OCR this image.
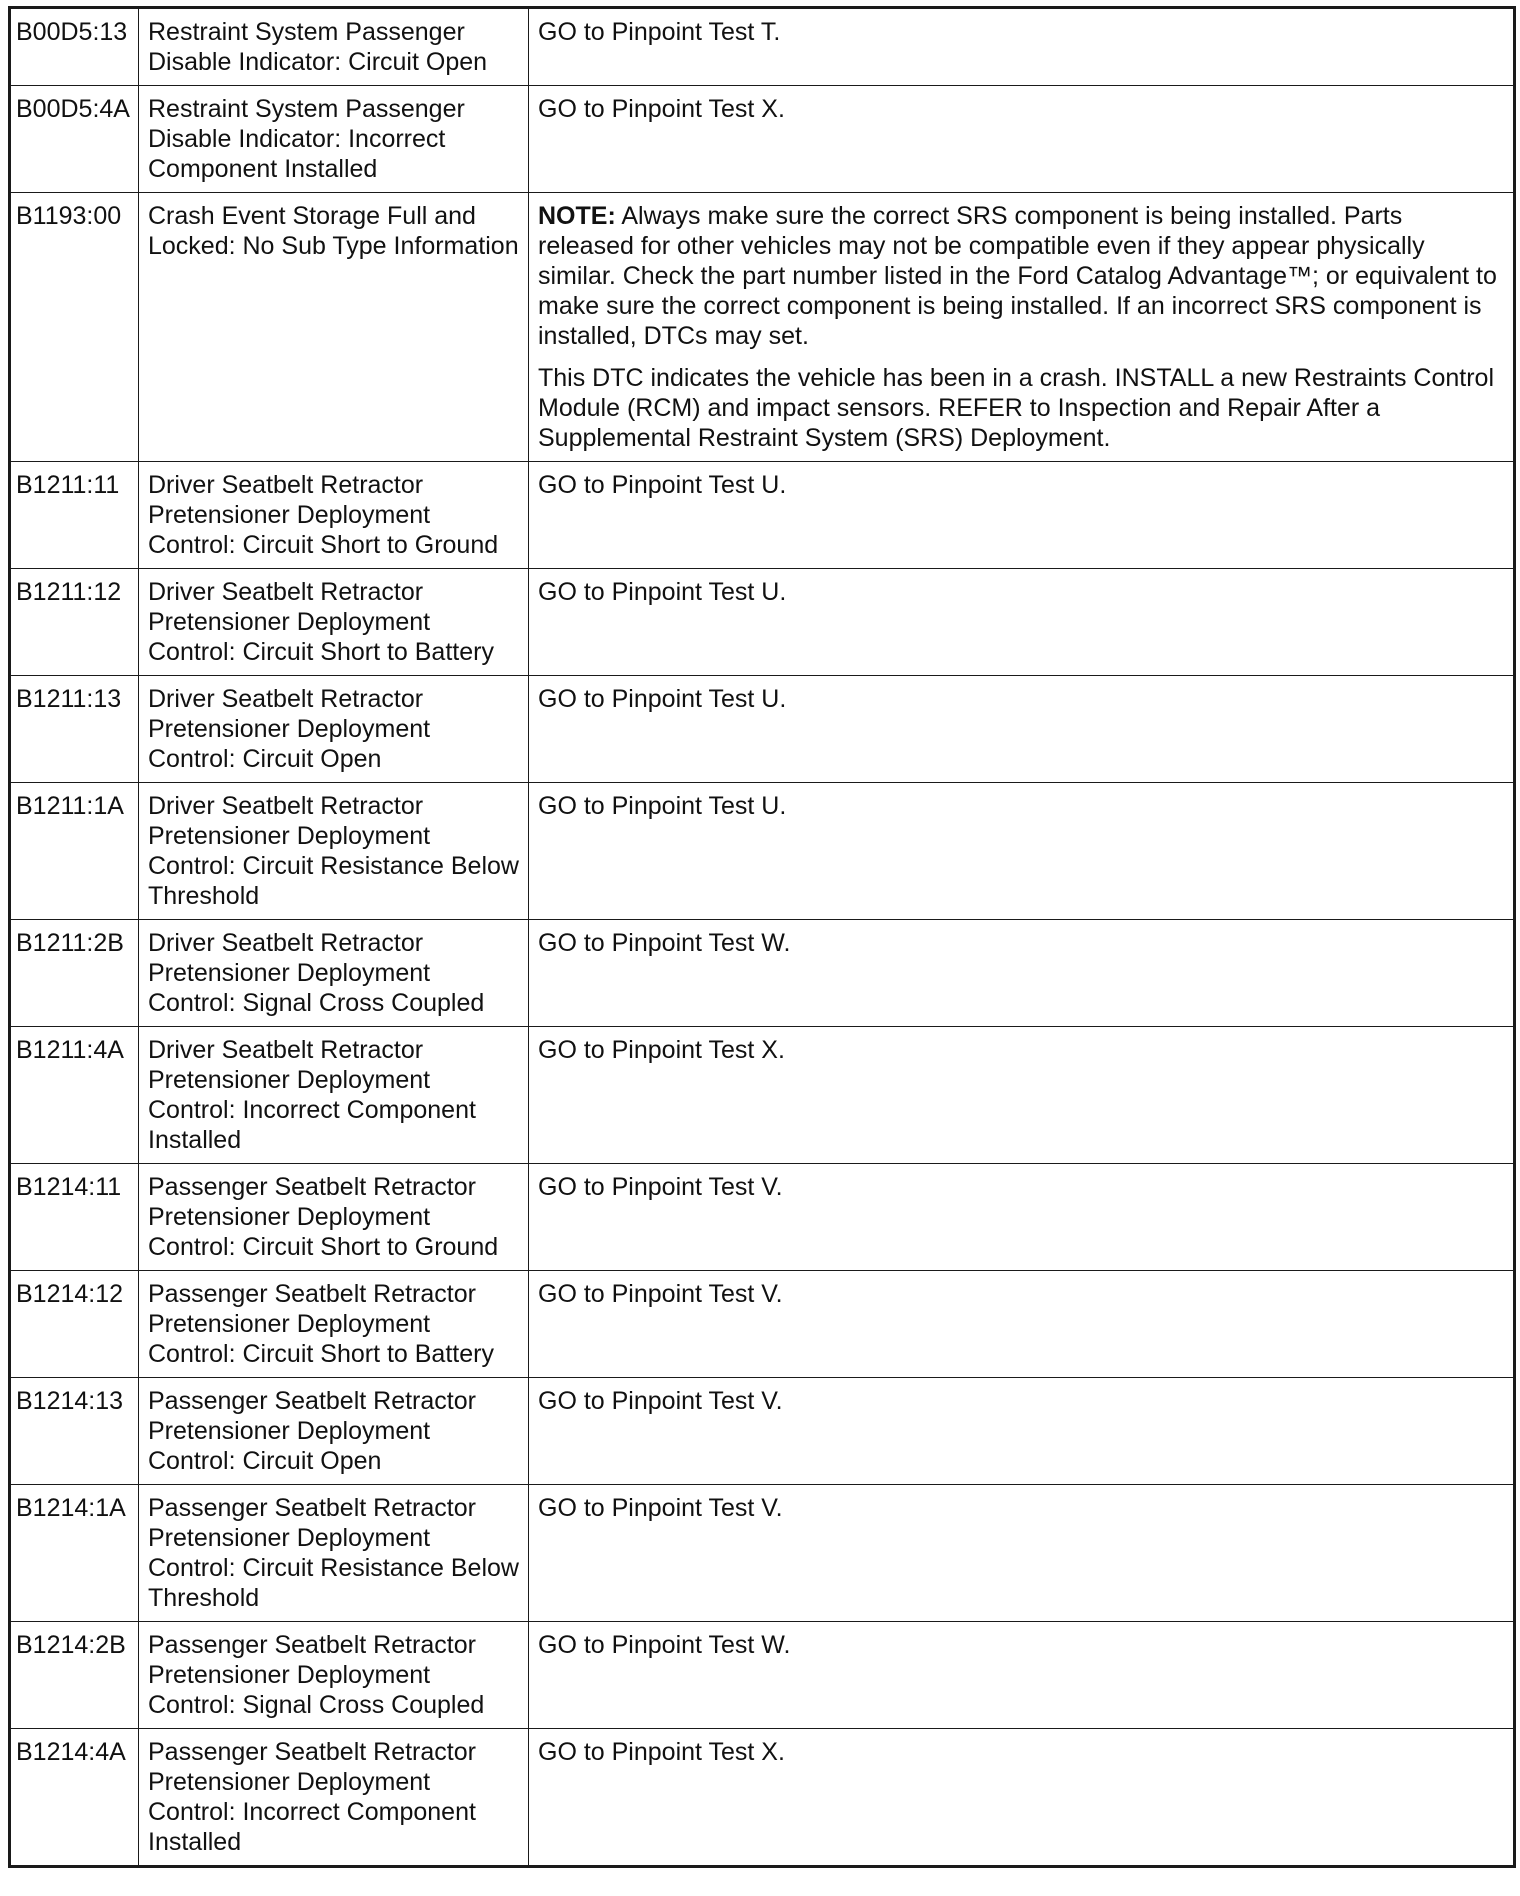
B00D5:13	Restraint System Passenger Disable Indicator: Circuit Open	GO to Pinpoint Test T.
B00D5:4A	Restraint System Passenger Disable Indicator: Incorrect Component Installed	GO to Pinpoint Test X.
B1193:00	Crash Event Storage Full and Locked: No Sub Type Information	NOTE: Always make sure the correct SRS component is being installed. Parts released for other vehicles may not be compatible even if they appear physically similar. Check the part number listed in the Ford Catalog Advantage™; or equivalent to make sure the correct component is being installed. If an incorrect SRS component is installed, DTCs may set.

This DTC indicates the vehicle has been in a crash. INSTALL a new Restraints Control Module (RCM) and impact sensors. REFER to Inspection and Repair After a Supplemental Restraint System (SRS) Deployment.

B1211:11	Driver Seatbelt Retractor Pretensioner Deployment Control: Circuit Short to Ground	GO to Pinpoint Test U.
B1211:12	Driver Seatbelt Retractor Pretensioner Deployment Control: Circuit Short to Battery	GO to Pinpoint Test U.
B1211:13	Driver Seatbelt Retractor Pretensioner Deployment Control: Circuit Open	GO to Pinpoint Test U.
B1211:1A	Driver Seatbelt Retractor Pretensioner Deployment Control: Circuit Resistance Below Threshold	GO to Pinpoint Test U.
B1211:2B	Driver Seatbelt Retractor Pretensioner Deployment Control: Signal Cross Coupled	GO to Pinpoint Test W.
B1211:4A	Driver Seatbelt Retractor Pretensioner Deployment Control: Incorrect Component Installed	GO to Pinpoint Test X.
B1214:11	Passenger Seatbelt Retractor Pretensioner Deployment Control: Circuit Short to Ground	GO to Pinpoint Test V.
B1214:12	Passenger Seatbelt Retractor Pretensioner Deployment Control: Circuit Short to Battery	GO to Pinpoint Test V.
B1214:13	Passenger Seatbelt Retractor Pretensioner Deployment Control: Circuit Open	GO to Pinpoint Test V.
B1214:1A	Passenger Seatbelt Retractor Pretensioner Deployment Control: Circuit Resistance Below Threshold	GO to Pinpoint Test V.
B1214:2B	Passenger Seatbelt Retractor Pretensioner Deployment Control: Signal Cross Coupled	GO to Pinpoint Test W.
B1214:4A	Passenger Seatbelt Retractor Pretensioner Deployment Control: Incorrect Component Installed	GO to Pinpoint Test X.
